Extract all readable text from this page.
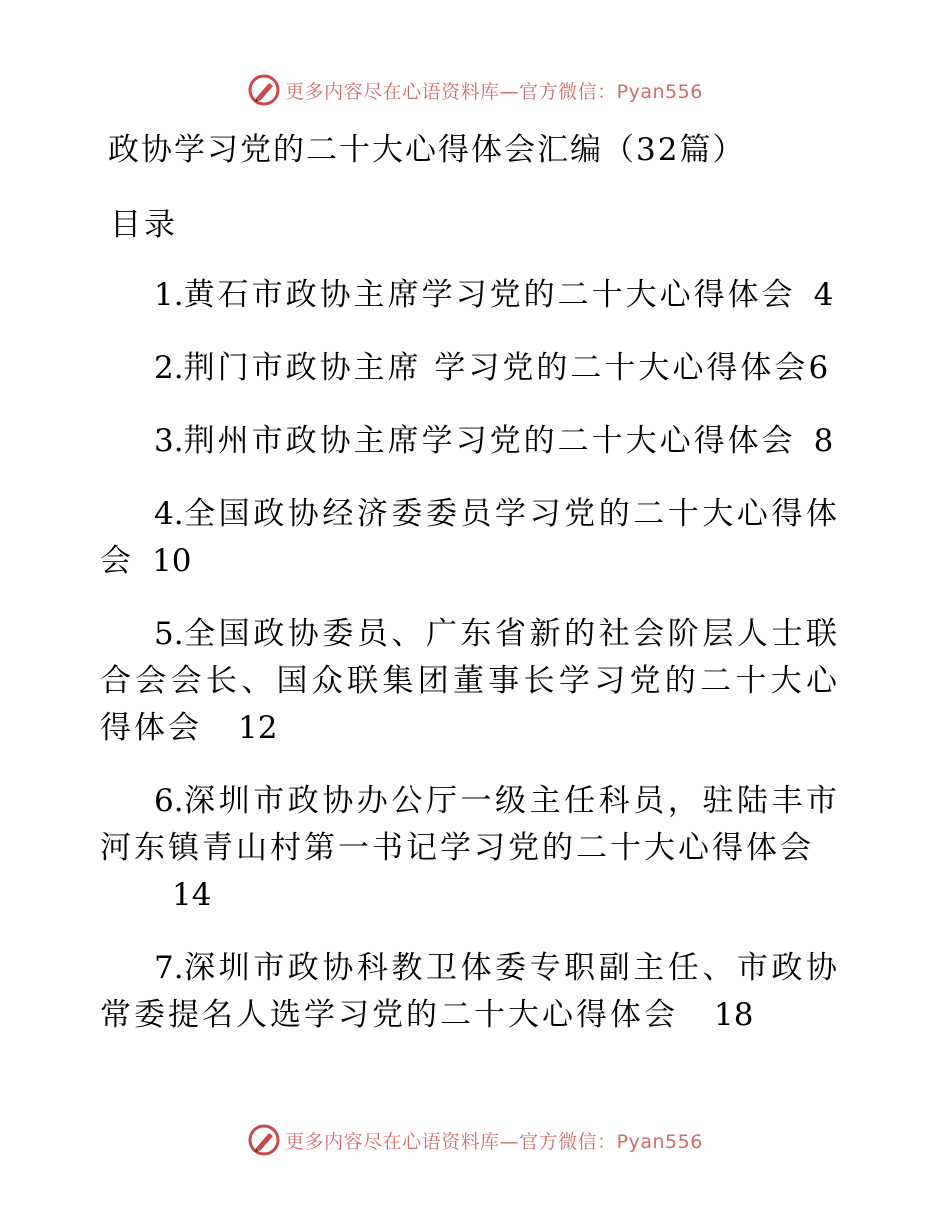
更多内容尽在心语资料库—官方微信：Pyan556
政协学习党的二十大心得体会汇编（32篇）
目录
1.黄石市政协主席学习党的二十大心得体会 4
2.荆门市政协主席 学习党的二十大心得体会6
3.荆州市政协主席学习党的二十大心得体会 8
4.全国政协经济委委员学习党的二十大心得体会 10
5.全国政协委员、广东省新的社会阶层人士联合会会长、国众联集团董事长学习党的二十大心得体会 12
6.深圳市政协办公厅一级主任科员，驻陆丰市河东镇青山村第一书记学习党的二十大心得体会
14
7.深圳市政协科教卫体委专职副主任、市政协常委提名人选学习党的二十大心得体会 18
更多内容尽在心语资料库—官方微信：Pyan556
